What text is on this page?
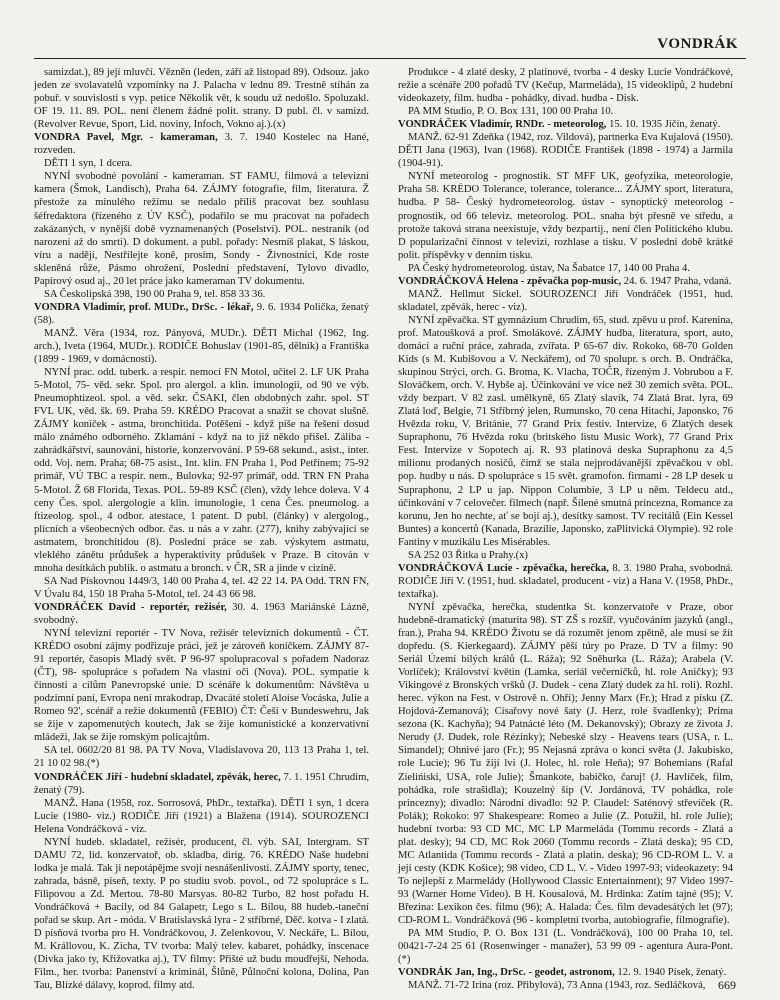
VONDRÁK

samizdat.), 89 její mluvčí. Vězněn (leden, září až listopad 89). Odsouz. jako jeden ze svolavatelů vzpomínky na J. Palacha v lednu 89. Trestně stíhán za pobuř. v souvislosti s vyp. petice Několik vět, k soudu už nedošlo. Spoluzakl. OF 19. 11. 89. POL. není členem žádné polit. strany. D publ. čl. v samizd. (Revolver Revue, Sport, Lid. noviny, Infoch, Vokno aj.).(x)

VONDRA Pavel, Mgr. - kameraman, 3. 7. 1940 Kostelec na Hané, rozveden.

DĚTI 1 syn, 1 dcera.

NYNÍ svobodné povolání - kameraman. ST FAMU, filmová a televizní kamera (Šmok, Landisch), Praha 64. ZÁJMY fotografie, film, literatura. Ž přestože za minulého režimu se nedalo příliš pracovat bez souhlasu šéfredaktora (řízeného z ÚV KSČ), podařilo se mu pracovat na pořadech zakázaných, v nynější době vyznamenaných (Poselství). POL. nestraník (od narození až do smrti). D dokument. a publ. pořady: Nesmíš plakat, S láskou, víru a nadějí, Nestřílejte koně, prosím, Sondy - Živnostníci, Kde roste skleněná růže, Pásmo ohrožení, Poslední představení, Tylovo divadlo, Papírový osud aj., 20 let práce jako kameraman TV dokumentu.

SA Českolipská 398, 190 00 Praha 9, tel. 858 33 36.

VONDRA Vladimír, prof. MUDr., DrSc. - lékař, 9. 6. 1934 Polička, ženatý (58).

MANŽ. Věra (1934, roz. Pányová, MUDr.). DĚTI Michal (1962, Ing. arch.), Iveta (1964, MUDr.). RODIČE Bohuslav (1901-85, dělník) a Františka (1899 - 1969, v domácnosti).

NYNÍ prac. odd. tuberk. a respir. nemocí FN Motol, učitel 2. LF UK Praha 5-Motol, 75- věd. sekr. Spol. pro alergol. a klin. imunologii, od 90 ve výb. Pneumophtizeol. spol. a věd. sekr. ČSAKI, člen obdobných zahr. spol. ST FVL UK, věd. šk. 69. Praha 59. KRÉDO Pracovat a snažit se chovat slušně. ZÁJMY koníček - astma, bronchitida. Potěšení - když píše na řešení dosud málo známého odborného. Zklamání - když na to již někdo přišel. Záliba - zahrádkářství, saunování, historie, konzervování. P 59-68 sekund., asist., inter. odd. Voj. nem. Praha; 68-75 asist., Int. klin. FN Praha 1, Pod Petřínem; 75-92 primář, VÚ TBC a respir. nem., Bulovka; 92-97 primář, odd. TRN FN Praha 5-Motol. Ž 68 Florida, Texas. POL. 59-89 KSČ (člen), vždy lehce doleva. V 4 ceny Čes. spol. alergologie a klin. imunologie, 1 cena Čes. pneumolog. a ftizeolog. spol., 4 odbor. atestace, 1 patent. D publ. (články) v alergolog., plicních a všeobecných odbor. čas. u nás a v zahr. (277), knihy zabývající se astmatem, bronchitidou (8). Poslední práce se zab. výskytem astmatu, vleklého zánětu průdušek a hyperaktivity průdušek v Praze. B citován v mnoha desítkách publik. o astmatu a bronch. v ČR, SR a jinde v cizině.

SA Nad Pískovnou 1449/3, 140 00 Praha 4, tel. 42 22 14. PA Odd. TRN FN, V Úvalu 84, 150 18 Praha 5-Motol, tel. 24 43 66 98.

VONDRÁČEK David - reportér, režisér, 30. 4. 1963 Mariánské Lázně, svobodný.

NYNÍ televizní reportér - TV Nova, režisér televizních dokumentů - ČT. KRÉDO osobní zájmy podřizuje práci, jež je zároveň koníčkem. ZÁJMY 87-91 reportér, časopis Mladý svět. P 96-97 spolupracoval s pořadem Nadoraz (ČT), 98- spolupráce s pořadem Na vlastní oči (Nova). POL. sympatie k činnosti a cílům Panevropské unie. D scénáře k dokumentům: Návštěva u podzimní paní, Evropa není mrakodrap, Dvacáté století Aloise Vocáska, Julie a Romeo 92', scénář a režie dokumentů (FEBIO) ČT: Češi v Bundeswehru, Jak se žije v zapomenutých koutech, Jak se žije komunistické a konzervativní mládeži, Jak se žije romským policajtům.

SA tel. 0602/20 81 98. PA TV Nova, Vladislavova 20, 113 13 Praha 1, tel. 21 10 02 98.(*)

VONDRÁČEK Jiří - hudební skladatel, zpěvák, herec, 7. 1. 1951 Chrudim, ženatý (79).

MANŽ. Hana (1958, roz. Sorrosová, PhDr., textařka). DĚTI 1 syn, 1 dcera Lucie (1980- viz.) RODIČE Jiří (1921) a Blažena (1914). SOUROZENCI Helena Vondráčková - viz.

NYNÍ hudeb. skladatel, režisér, producent, čl. výb. SAI, Intergram. ST DAMU 72, lid. konzervatoř, ob. skladba, dirig. 76. KRÉDO Naše hudební lodka je malá. Tak ji nepotápějme svojí nesnášenlivostí. ZÁJMY sporty, tenec, zahrada, básně, píseň, texty. P po studiu svob. povol., od 72 spolupráce s L. Filipovou a Zd. Mertou. 78-80 Marsyas. 80-82 Turbo, 82 host pořadu H. Vondráčková + Bacily, od 84 Galapetr, Lego s L. Bílou, 88 hudeb.-taneční pořad se skup. Art - móda. V Bratislavská lyra - 2 stříbrné, Děč. kotva - I zlatá. D písňová tvorba pro H. Vondráčkovou, J. Zelenkovou, V. Neckáře, L. Bílou, M. Krállovou, K. Zicha, TV tvorba: Malý telev. kabaret, pohádky, inscenace (Divka jako ty, Křižovatka aj.), TV filmy: Přišté už budu moudřejší, Nehoda. Film., her. tvorba: Panenství a kriminál, Šlůně, Půlnoční kolona, Dolina, Pan Tau, Blízké dálavy, koprod. filmy atd.

Produkce - 4 zlaté desky, 2 platinové, tvorba - 4 desky Lucie Vondráčkové, režie a scénáře 200 pořadů TV (Kečup, Marmeláda), 15 videoklipů, 2 hudební videokazety, film. hudba - pohádky, divad. hudba - Disk.

PA MM Studio, P. O. Box 131, 100 00 Praha 10.

VONDRÁČEK Vladimír, RNDr. - meteorolog, 15. 10. 1935 Jičín, ženatý.

MANŽ. 62-91 Zdeňka (1942, roz. Vildová), partnerka Eva Kujalová (1950). DĚTI Jana (1963), Ivan (1968). RODIČE František (1898 - 1974) a Jarmila (1904-91).

NYNÍ meteorolog - prognostik. ST MFF UK, geofyzika, meteorologie, Praha 58. KRÉDO Tolerance, tolerance, tolerance... ZÁJMY sport, literatura, hudba. P 58- Český hydrometeorolog. ústav - synoptický meteorolog - prognostik, od 66 televiz. meteorolog. POL. snaha být přesně ve středu, a protože taková strana neexistuje, vždy bezpartij., není člen Politického klubu. D popularizační činnost v televizi, rozhlase a tisku. V poslední době krátké polit. příspěvky v denním tisku.

PA Český hydrometeorolog. ústav, Na Šabatce 17, 140 00 Praha 4.

VONDRÁČKOVÁ Helena - zpěvačka pop-music, 24. 6. 1947 Praha, vdaná.

MANŽ. Hellmut Sickel. SOUROZENCI Jiří Vondráček (1951, hud. skladatel, zpěvák, herec - viz).

NYNÍ zpěvačka. ST gymnázium Chrudim, 65, stud. zpěvu u prof. Kareninа, prof. Matoušková a prof. Smolákové. ZÁJMY hudba, literatura, sport, auto, domácí a ruční práce, zahrada, zvířata. P 65-67 div. Rokoko, 68-70 Golden Kids (s M. Kubišovou a V. Neckářem), od 70 spolupr. s orch. B. Ondráčka, skupinou Strýci, orch. G. Broma, K. Vlacha, TOČR, řízeným J. Vobrubou a F. Slováčkem, orch. V. Hybše aj. Účinkování ve více než 30 zemích světa. POL. vždy bezpart. V 82 zasl. umělkyně, 65 Zlatý slavík, 74 Zlatá Brat. lyra, 69 Zlatá loď, Belgie, 71 Stříbrný jelen, Rumunsko, 70 cena Hitachi, Japonsko, 76 Hvězda roku, V. Británie, 77 Grand Prix festiv. Intervize, 6 Zlatých desek Supraphonu, 76 Hvězda roku (britského listu Music Work), 77 Grand Prix Fest. Intervize v Sopotech aj. R. 93 platinová deska Supraphonu za 4,5 milionu prodaných nosičů, čímž se stala nejprodávanější zpěvačkou v obl. pop. hudby u nás. D spolupráce s 15 svět. gramofon. firmami - 28 LP desek u Supraphonu, 2 LP u jap. Nippon Columbie, 3 LP u něm. Teldecu atd., účinkování v 7 celovečer. filmech (např. Šílené smutná princezna, Romance za korunu, Jen ho nechte, ať se bojí aj.), desítky samost. TV recitálů (Ein Kessel Buntes) a koncertů (Kanada, Brazílie, Japonsko, zaPlitvická Olympie). 92 role Fantiny v muzikálu Les Misérables.

SA 252 03 Řitka u Prahy.(x)

VONDRÁČKOVÁ Lucie - zpěvačka, herečka, 8. 3. 1980 Praha, svobodná. RODIČE Jiří V. (1951, hud. skladatel, producent - viz) a Hana V. (1958, PhDr., textařka).

NYNÍ zpěvačka, herečka, studentka St. konzervatoře v Praze, obor hudebně-dramatický (maturita 98). ST ZŠ s rozšíř. vyučováním jazyků (angl., fran.), Praha 94. KRÉDO Životu se dá rozumět jenom zpětně, ale musí se žít dopředu. (S. Kierkegaard). ZÁJMY pěší túry po Praze. D TV a filmy: 90 Seriál Území bílých králů (L. Ráža); 92 Sněhurka (L. Ráža); Arabela (V. Vorlíček); Království květin (Lamka, seriál večerníčků, hl. role Aničky); 93 Vikingové z Bronských vršků (J. Dudek - cena Zlatý dudek za hl. roli). Rozhl. herec. výkon na Fest. v Ostrově n. Ohří); Jenny Marx (Fr.); Hrad z písku (Z. Hojdová-Zemanová); Císařovy nové šaty (J. Herz, role švadlenky); Prima sezona (K. Kachyňa); 94 Patnácté léto (M. Dekanovský); Obrazy ze života J. Nerudy (J. Dudek, role Rézinky); Nebeské slzy - Heavens tears (USA, r. L. Simandel); Ohnivé jaro (Fr.); 95 Nejasná zpráva o konci světa (J. Jakubisko, role Lucie); 96 Tu žijí lvi (J. Holec, hl. role Heňa); 97 Bohemians (Rafal Zielińiski, USA, role Julie); Šmankote, babičko, čaruj! (J. Havlíček, film, pohádka, role strašidla); Kouzelný šíp (V. Jordánová, TV pohádka, role princezny); divadlo: Národní divadlo: 92 P. Claudel: Saténový střevíček (R. Polák); Rokoko: 97 Shakespeare: Romeo a Julie (Z. Potužil, hl. role Julie); hudební tvorba: 93 CD MC, MC LP Marmeláda (Tommu records - Zlatá a plat. desky); 94 CD, MC Rok 2060 (Tommu records - Zlatá deska); 95 CD, MC Atlantida (Tommu records - Zlatá a platin. deska); 96 CD-ROM L. V. a její cesty (KDK Košice); 98 video, CD L. V. - Video 1997-93; videokazety: 94 To nejlepší z Marmelády (Hollywood Classic Entertainment); 97 Video 1997-93 (Warner Home Video). B H. Kousalová, M. Hrdinka: Zatím tajné (95); V. Březina: Lexikon čes. filmu (96); A. Halada: Čes. film devadesátých let (97); CD-ROM L. Vondráčková (96 - kompletní tvorba, autobiografie, filmografie).

PA MM Studio, P. O. Box 131 (L. Vondráčková), 100 00 Praha 10, tel. 00421-7-24 25 61 (Rosenwinger - manažer), 53 99 09 - agentura Aura-Pont.(*)

VONDRÁK Jan, Ing., DrSc. - geodet, astronom, 12. 9. 1940 Písek, ženatý.

MANŽ. 71-72 Irina (roz. Přibylová), 73 Anna (1943, roz. Sedláčková,	669
